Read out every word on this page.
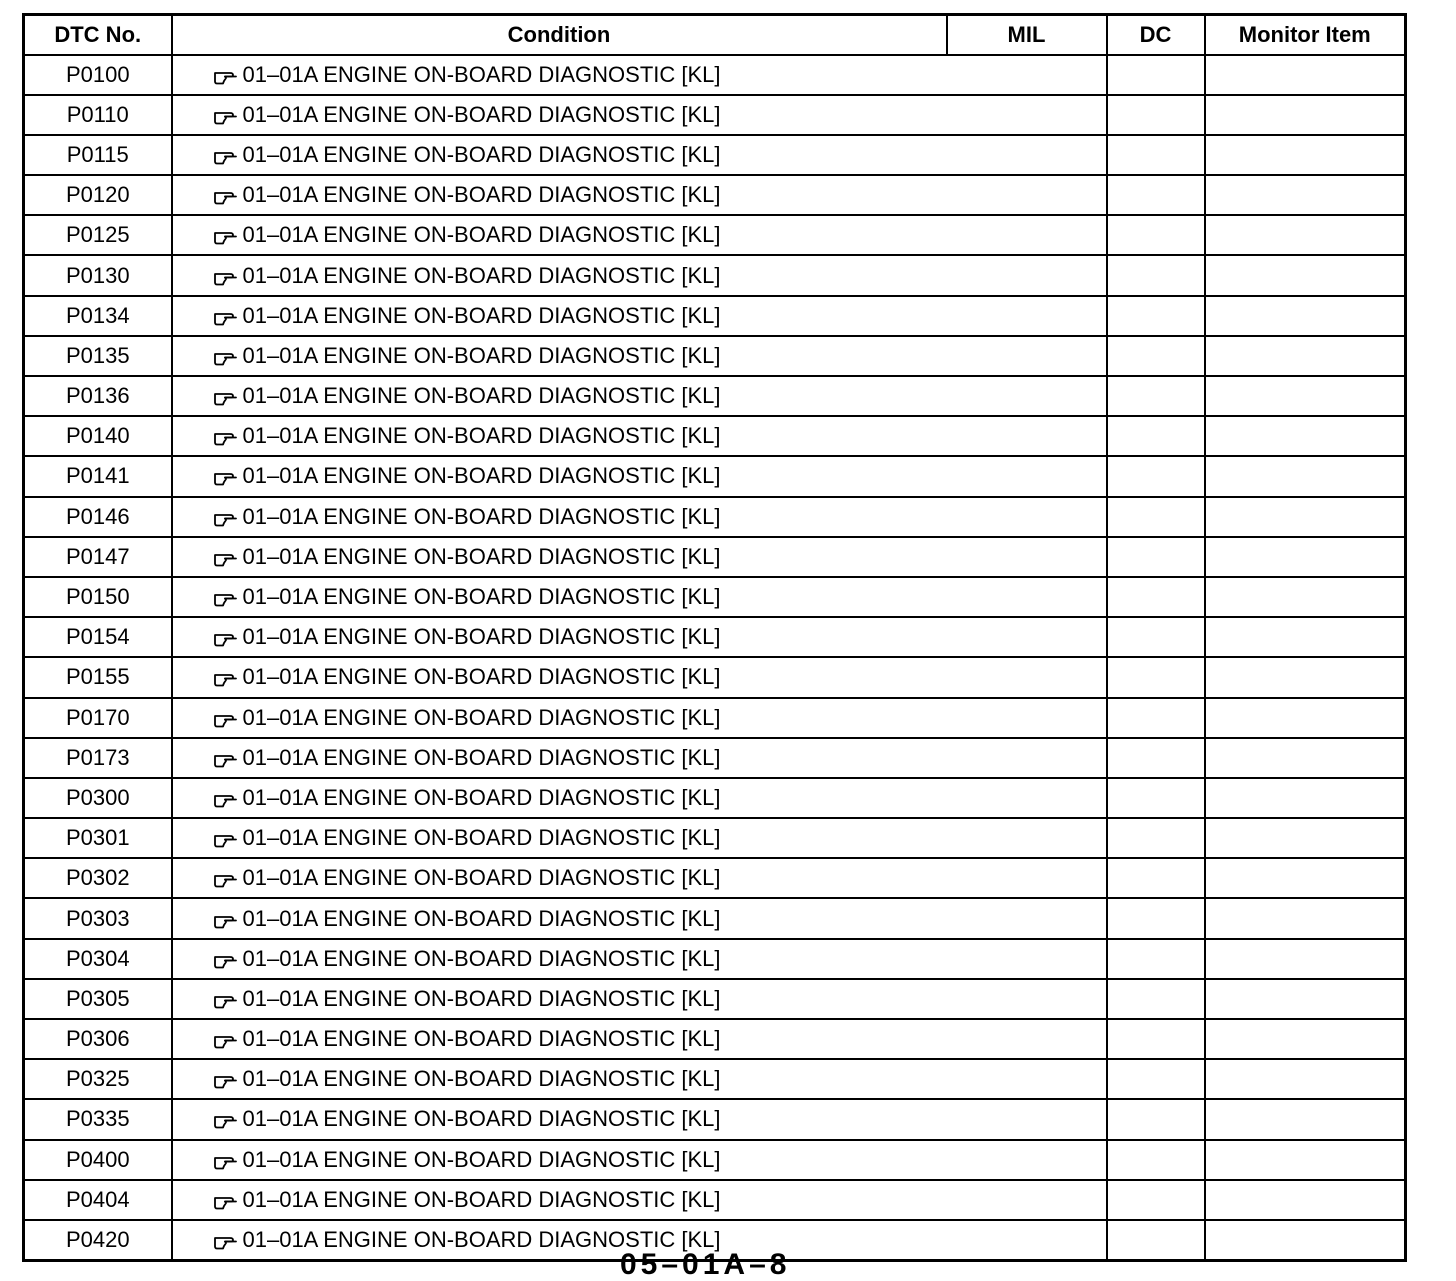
DTC No.	Condition	MIL	DC	Monitor Item
P0100	01–01A ENGINE ON-BOARD DIAGNOSTIC [KL]			
P0110	01–01A ENGINE ON-BOARD DIAGNOSTIC [KL]			
P0115	01–01A ENGINE ON-BOARD DIAGNOSTIC [KL]			
P0120	01–01A ENGINE ON-BOARD DIAGNOSTIC [KL]			
P0125	01–01A ENGINE ON-BOARD DIAGNOSTIC [KL]			
P0130	01–01A ENGINE ON-BOARD DIAGNOSTIC [KL]			
P0134	01–01A ENGINE ON-BOARD DIAGNOSTIC [KL]			
P0135	01–01A ENGINE ON-BOARD DIAGNOSTIC [KL]			
P0136	01–01A ENGINE ON-BOARD DIAGNOSTIC [KL]			
P0140	01–01A ENGINE ON-BOARD DIAGNOSTIC [KL]			
P0141	01–01A ENGINE ON-BOARD DIAGNOSTIC [KL]			
P0146	01–01A ENGINE ON-BOARD DIAGNOSTIC [KL]			
P0147	01–01A ENGINE ON-BOARD DIAGNOSTIC [KL]			
P0150	01–01A ENGINE ON-BOARD DIAGNOSTIC [KL]			
P0154	01–01A ENGINE ON-BOARD DIAGNOSTIC [KL]			
P0155	01–01A ENGINE ON-BOARD DIAGNOSTIC [KL]			
P0170	01–01A ENGINE ON-BOARD DIAGNOSTIC [KL]			
P0173	01–01A ENGINE ON-BOARD DIAGNOSTIC [KL]			
P0300	01–01A ENGINE ON-BOARD DIAGNOSTIC [KL]			
P0301	01–01A ENGINE ON-BOARD DIAGNOSTIC [KL]			
P0302	01–01A ENGINE ON-BOARD DIAGNOSTIC [KL]			
P0303	01–01A ENGINE ON-BOARD DIAGNOSTIC [KL]			
P0304	01–01A ENGINE ON-BOARD DIAGNOSTIC [KL]			
P0305	01–01A ENGINE ON-BOARD DIAGNOSTIC [KL]			
P0306	01–01A ENGINE ON-BOARD DIAGNOSTIC [KL]			
P0325	01–01A ENGINE ON-BOARD DIAGNOSTIC [KL]			
P0335	01–01A ENGINE ON-BOARD DIAGNOSTIC [KL]			
P0400	01–01A ENGINE ON-BOARD DIAGNOSTIC [KL]			
P0404	01–01A ENGINE ON-BOARD DIAGNOSTIC [KL]			
P0420	01–01A ENGINE ON-BOARD DIAGNOSTIC [KL]			
05–01A–8
